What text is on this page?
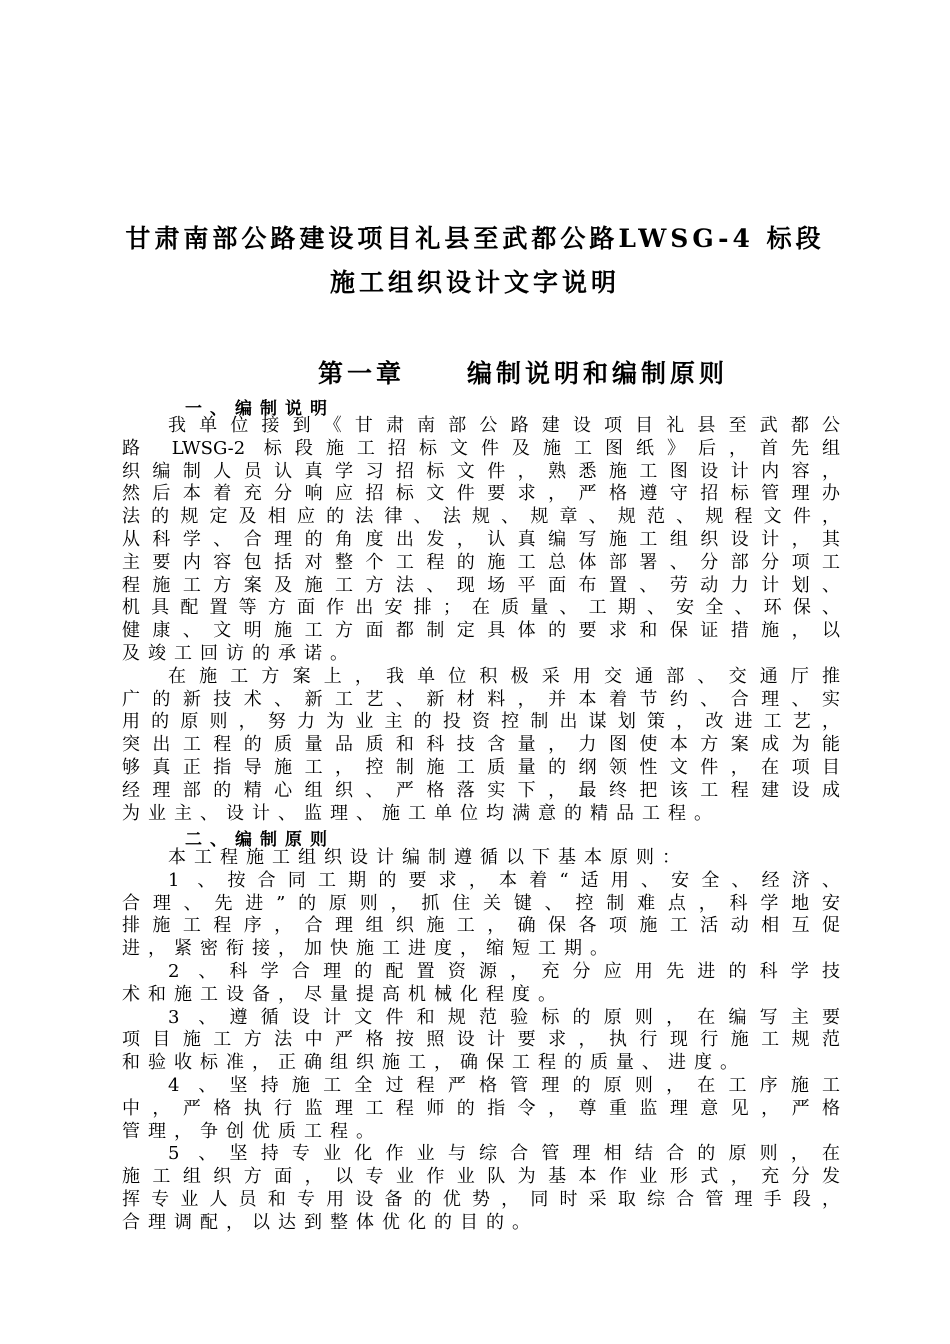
甘肃南部公路建设项目礼县至武都公路LWSG-4 标段
施工组织设计文字说明
第一章 编制说明和编制原则
一、编制说明
我单位接到《甘肃南部公路建设项目礼县至武都公
路 LWSG-2 标段施工招标文件及施工图纸》后，首先组
织编制人员认真学习招标文件，熟悉施工图设计内容，
然后本着充分响应招标文件要求，严格遵守招标管理办
法的规定及相应的法律、法规、规章、规范、规程文件，
从科学、合理的角度出发，认真编写施工组织设计，其
主要内容包括对整个工程的施工总体部署、分部分项工
程施工方案及施工方法、现场平面布置、劳动力计划、
机具配置等方面作出安排；在质量、工期、安全、环保、
健康、文明施工方面都制定具体的要求和保证措施，以
及竣工回访的承诺。
在施工方案上，我单位积极采用交通部、交通厅推
广的新技术、新工艺、新材料，并本着节约、合理、实
用的原则，努力为业主的投资控制出谋划策，改进工艺，
突出工程的质量品质和科技含量，力图使本方案成为能
够真正指导施工，控制施工质量的纲领性文件，在项目
经理部的精心组织、严格落实下，最终把该工程建设成
为业主、设计、监理、施工单位均满意的精品工程。
二、编制原则
本工程施工组织设计编制遵循以下基本原则：
1 、按合同工期的要求，本着“适用、安全、经济、
合理、先进”的原则，抓住关键、控制难点，科学地安
排施工程序，合理组织施工，确保各项施工活动相互促
进，紧密衔接，加快施工进度，缩短工期。
2 、科学合理的配置资源，充分应用先进的科学技
术和施工设备，尽量提高机械化程度。
3 、遵循设计文件和规范验标的原则，在编写主要
项目施工方法中严格按照设计要求，执行现行施工规范
和验收标准，正确组织施工，确保工程的质量、进度。
4 、坚持施工全过程严格管理的原则，在工序施工
中，严格执行监理工程师的指令，尊重监理意见，严格
管理，争创优质工程。
5 、坚持专业化作业与综合管理相结合的原则，在
施工组织方面，以专业作业队为基本作业形式，充分发
挥专业人员和专用设备的优势，同时采取综合管理手段，
合理调配，以达到整体优化的目的。
